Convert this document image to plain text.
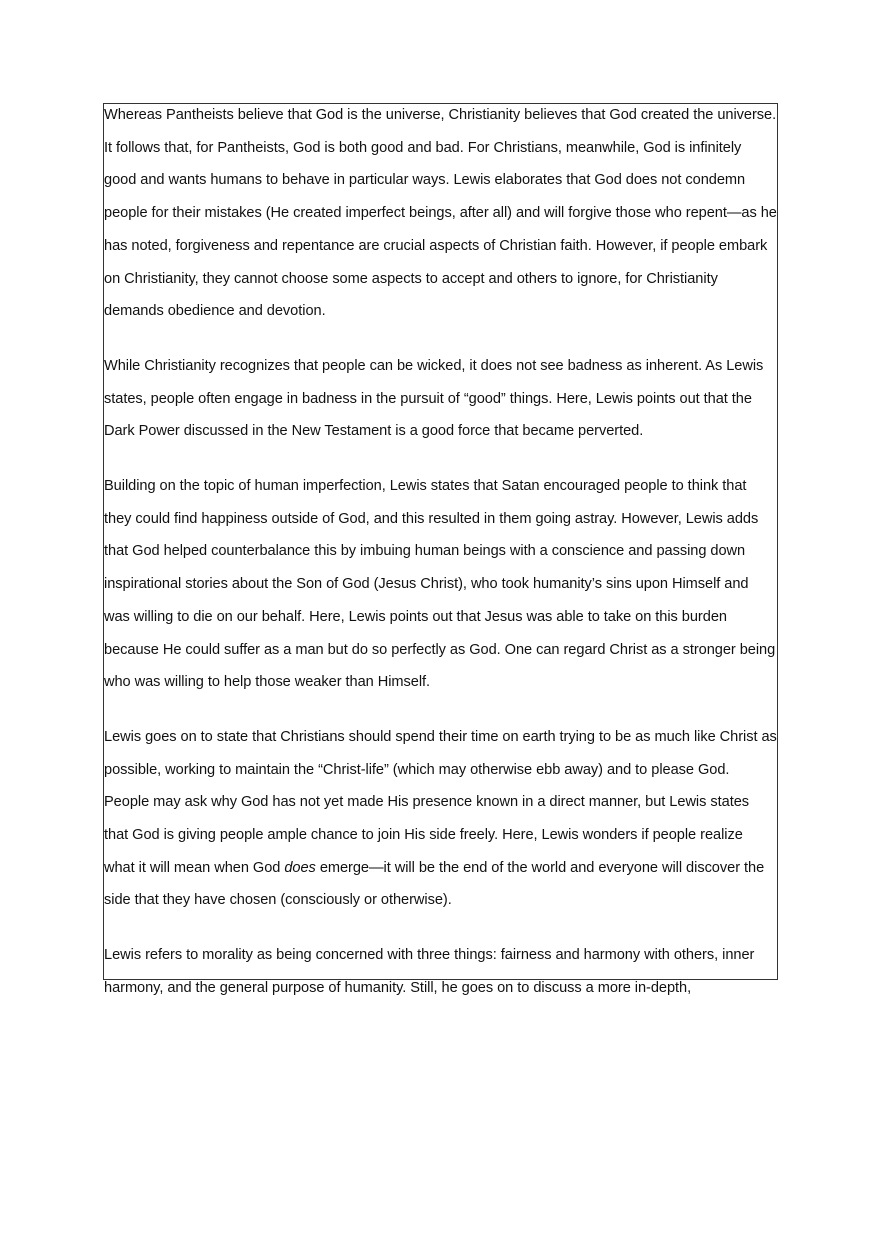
Whereas Pantheists believe that God is the universe, Christianity believes that God created the universe. It follows that, for Pantheists, God is both good and bad. For Christians, meanwhile, God is infinitely good and wants humans to behave in particular ways. Lewis elaborates that God does not condemn people for their mistakes (He created imperfect beings, after all) and will forgive those who repent—as he has noted, forgiveness and repentance are crucial aspects of Christian faith. However, if people embark on Christianity, they cannot choose some aspects to accept and others to ignore, for Christianity demands obedience and devotion.

While Christianity recognizes that people can be wicked, it does not see badness as inherent. As Lewis states, people often engage in badness in the pursuit of “good” things. Here, Lewis points out that the Dark Power discussed in the New Testament is a good force that became perverted.

Building on the topic of human imperfection, Lewis states that Satan encouraged people to think that they could find happiness outside of God, and this resulted in them going astray. However, Lewis adds that God helped counterbalance this by imbuing human beings with a conscience and passing down inspirational stories about the Son of God (Jesus Christ), who took humanity’s sins upon Himself and was willing to die on our behalf. Here, Lewis points out that Jesus was able to take on this burden because He could suffer as a man but do so perfectly as God. One can regard Christ as a stronger being who was willing to help those weaker than Himself.

Lewis goes on to state that Christians should spend their time on earth trying to be as much like Christ as possible, working to maintain the “Christ-life” (which may otherwise ebb away) and to please God. People may ask why God has not yet made His presence known in a direct manner, but Lewis states that God is giving people ample chance to join His side freely. Here, Lewis wonders if people realize what it will mean when God does emerge—it will be the end of the world and everyone will discover the side that they have chosen (consciously or otherwise).

Lewis refers to morality as being concerned with three things: fairness and harmony with others, inner harmony, and the general purpose of humanity. Still, he goes on to discuss a more in-depth,
